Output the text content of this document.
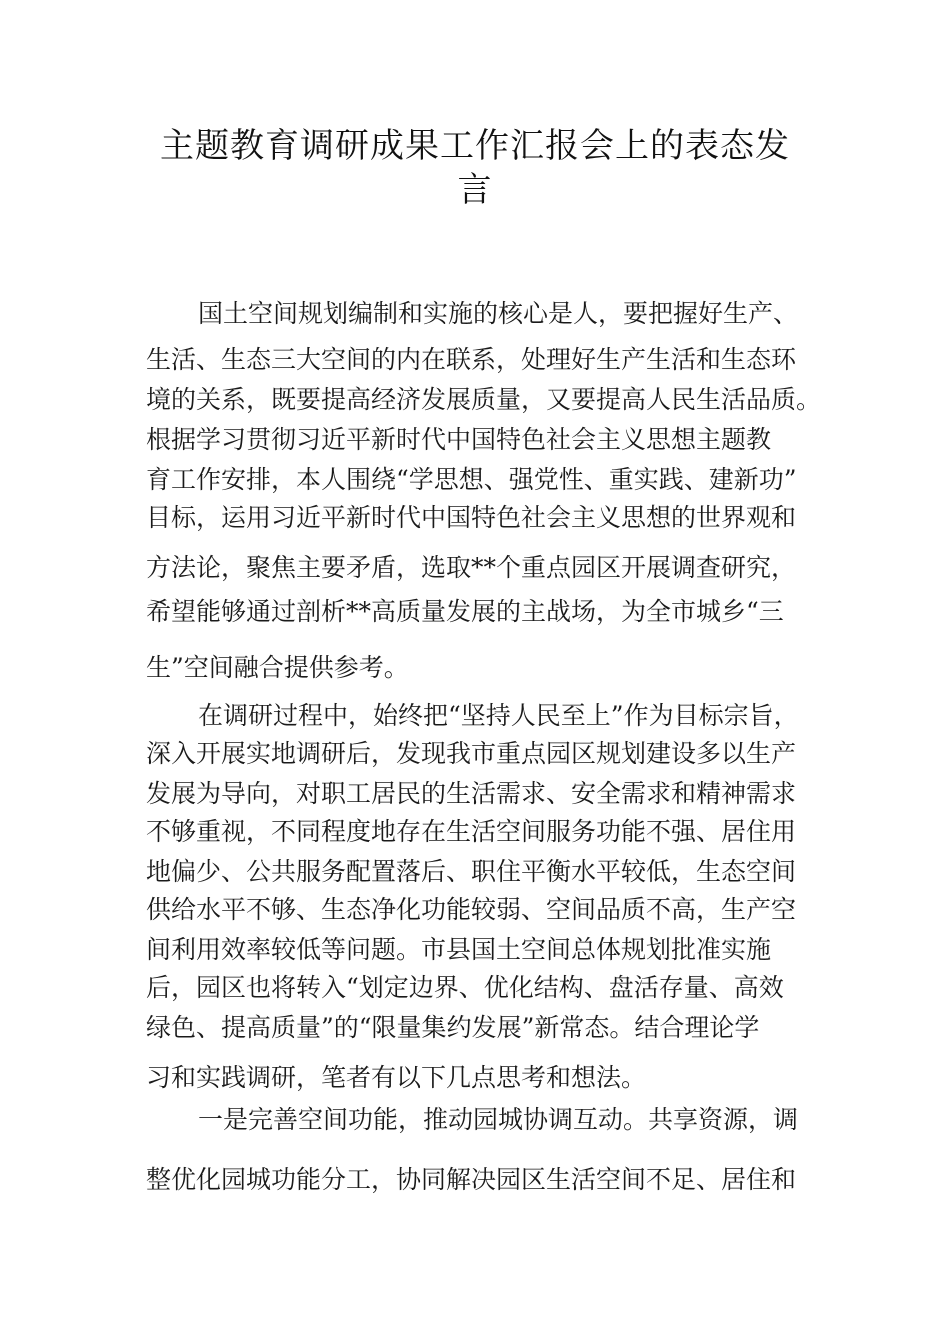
主题教育调研成果工作汇报会上的表态发
言

国土空间规划编制和实施的核心是人，要把握好生产、

生活、生态三大空间的内在联系，处理好生产生活和生态环

境的关系，既要提高经济发展质量，又要提高人民生活品质。

根据学习贯彻习近平新时代中国特色社会主义思想主题教

育工作安排，本人围绕“学思想、强党性、重实践、建新功”

目标，运用习近平新时代中国特色社会主义思想的世界观和

方法论，聚焦主要矛盾，选取**个重点园区开展调查研究，

希望能够通过剖析**高质量发展的主战场，为全市城乡“三

生”空间融合提供参考。

在调研过程中，始终把“坚持人民至上”作为目标宗旨，

深入开展实地调研后，发现我市重点园区规划建设多以生产

发展为导向，对职工居民的生活需求、安全需求和精神需求

不够重视，不同程度地存在生活空间服务功能不强、居住用

地偏少、公共服务配置落后、职住平衡水平较低，生态空间

供给水平不够、生态净化功能较弱、空间品质不高，生产空

间利用效率较低等问题。市县国土空间总体规划批准实施

后，园区也将转入“划定边界、优化结构、盘活存量、高效

绿色、提高质量”的“限量集约发展”新常态。结合理论学

习和实践调研，笔者有以下几点思考和想法。

一是完善空间功能，推动园城协调互动。共享资源，调

整优化园城功能分工，协同解决园区生活空间不足、居住和
